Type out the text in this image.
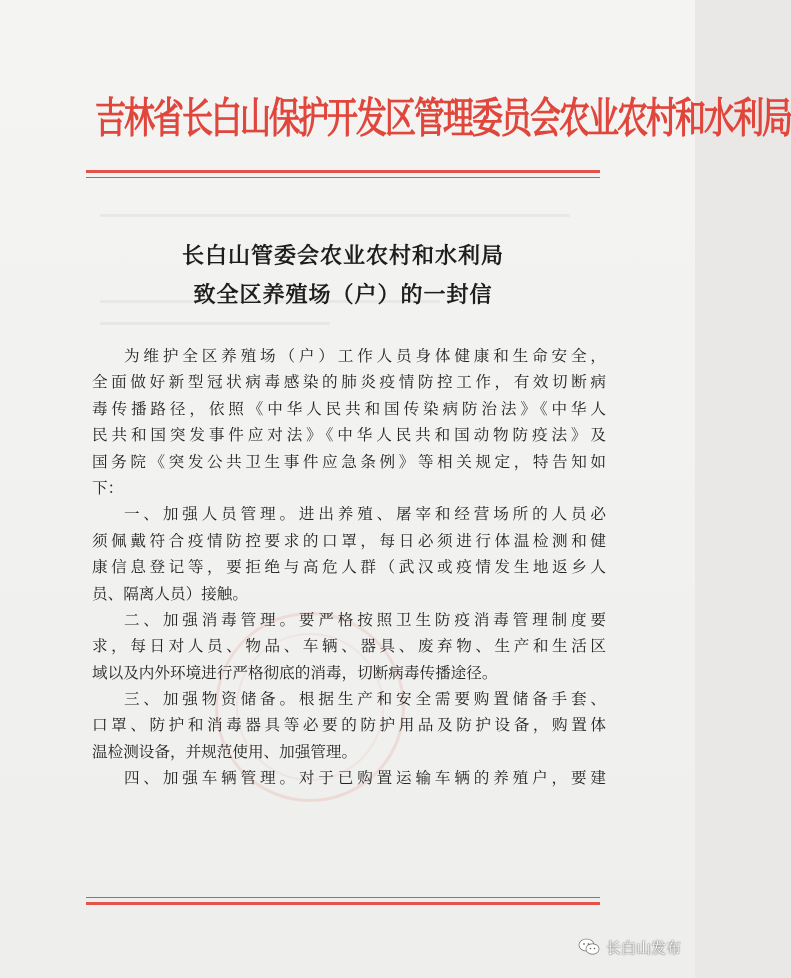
吉林省长白山保护开发区管理委员会农业农村和水利局
长白山管委会农业农村和水利局
致全区养殖场（户）的一封信
为维护全区养殖场（户）工作人员身体健康和生命安全，
全面做好新型冠状病毒感染的肺炎疫情防控工作，有效切断病
毒传播路径，依照《中华人民共和国传染病防治法》《中华人
民共和国突发事件应对法》《中华人民共和国动物防疫法》及
国务院《突发公共卫生事件应急条例》等相关规定，特告知如
下：
一、加强人员管理。进出养殖、屠宰和经营场所的人员必
须佩戴符合疫情防控要求的口罩，每日必须进行体温检测和健
康信息登记等，要拒绝与高危人群（武汉或疫情发生地返乡人
员、隔离人员）接触。
二、加强消毒管理。要严格按照卫生防疫消毒管理制度要
求，每日对人员、物品、车辆、器具、废弃物、生产和生活区
域以及内外环境进行严格彻底的消毒，切断病毒传播途径。
三、加强物资储备。根据生产和安全需要购置储备手套、
口罩、防护和消毒器具等必要的防护用品及防护设备，购置体
温检测设备，并规范使用、加强管理。
四、加强车辆管理。对于已购置运输车辆的养殖户，要建
长白山发布
